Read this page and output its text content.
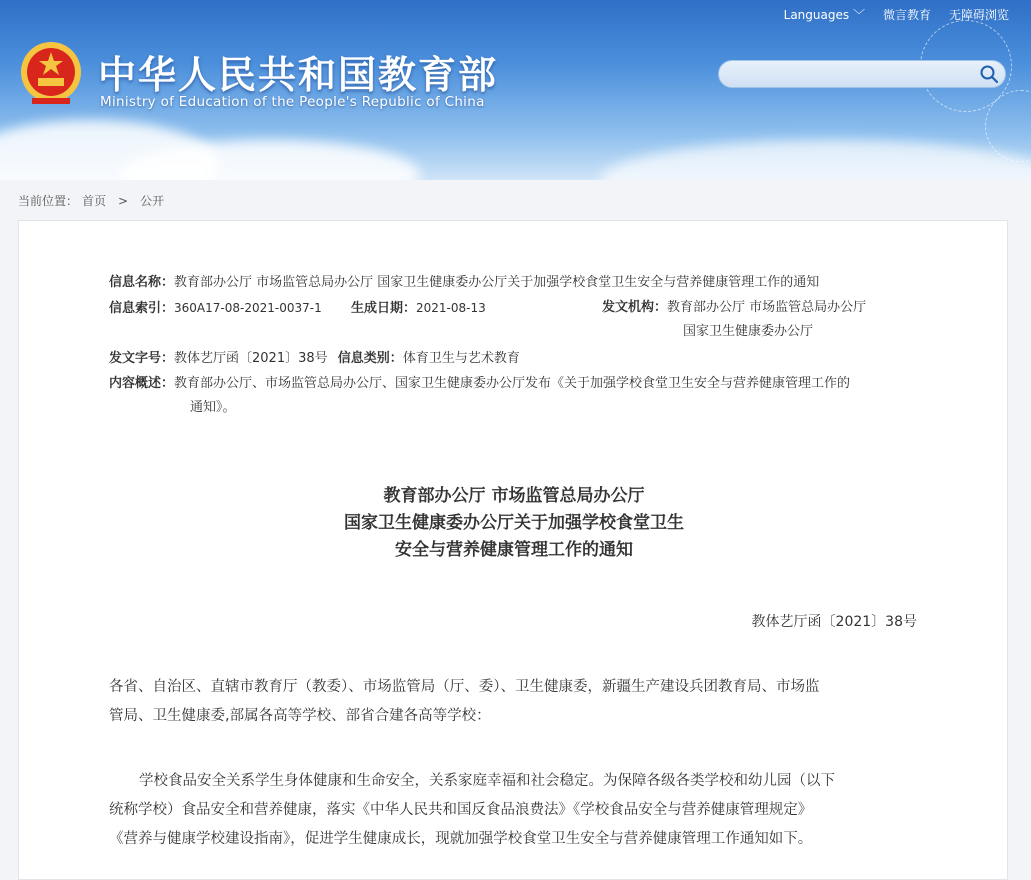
Languages ﹀ 微言教育 无障碍浏览
中华人民共和国教育部
Ministry of Education of the People's Republic of China
当前位置： 首页 > 公开
信息名称：教育部办公厅 市场监管总局办公厅 国家卫生健康委办公厅关于加强学校食堂卫生安全与营养健康管理工作的通知
信息索引：360A17-08-2021-0037-1 生成日期：2021-08-13	发文机构：教育部办公厅 市场监管总局办公厅
国家卫生健康委办公厅
发文字号：教体艺厅函〔2021〕38号 信息类别：体育卫生与艺术教育
内容概述：教育部办公厅、市场监管总局办公厅、国家卫生健康委办公厅发布《关于加强学校食堂卫生安全与营养健康管理工作的
通知》。
教育部办公厅 市场监管总局办公厅
国家卫生健康委办公厅关于加强学校食堂卫生
安全与营养健康管理工作的通知
教体艺厅函〔2021〕38号
各省、自治区、直辖市教育厅（教委）、市场监管局（厅、委）、卫生健康委，新疆生产建设兵团教育局、市场监
管局、卫生健康委,部属各高等学校、部省合建各高等学校：
学校食品安全关系学生身体健康和生命安全，关系家庭幸福和社会稳定。为保障各级各类学校和幼儿园（以下
统称学校）食品安全和营养健康，落实《中华人民共和国反食品浪费法》《学校食品安全与营养健康管理规定》
《营养与健康学校建设指南》，促进学生健康成长，现就加强学校食堂卫生安全与营养健康管理工作通知如下。
